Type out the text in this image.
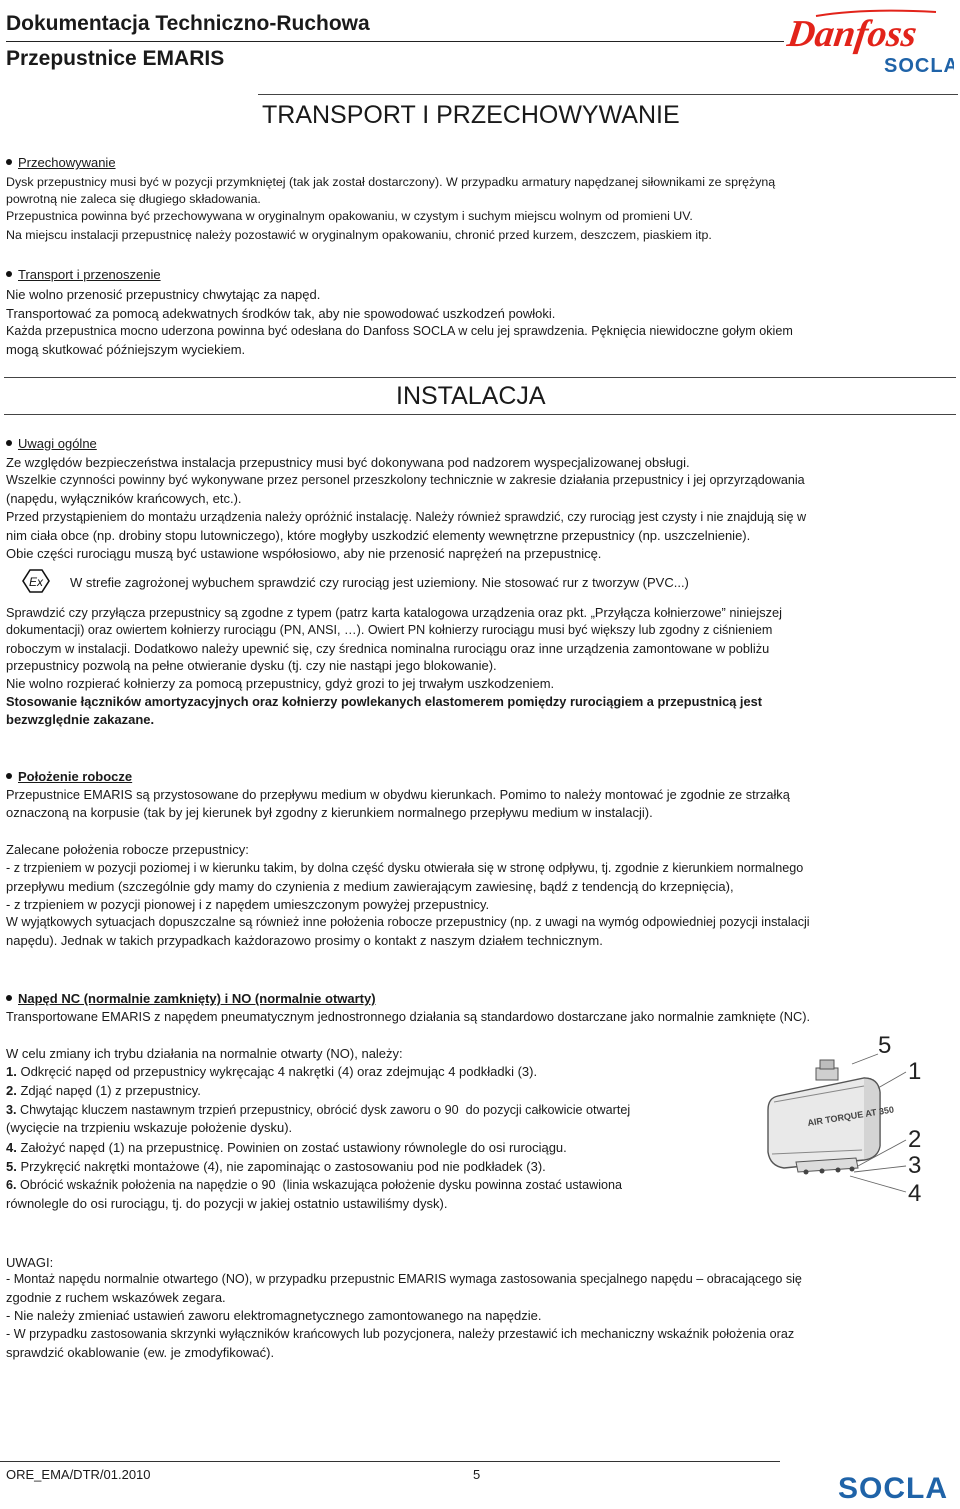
Dokumentacja Techniczno-Ruchowa
Przepustnice EMARIS
Danfoss
SOCLA
TRANSPORT I PRZECHOWYWANIE
Przechowywanie
Dysk przepustnicy musi być w pozycji przymkniętej (tak jak został dostarczony). W przypadku armatury napędzanej siłownikami ze sprężyną
powrotną nie zaleca się długiego składowania.
Przepustnica powinna być przechowywana w oryginalnym opakowaniu, w czystym i suchym miejscu wolnym od promieni UV.
Na miejscu instalacji przepustnicę należy pozostawić w oryginalnym opakowaniu, chronić przed kurzem, deszczem, piaskiem itp.
Transport i przenoszenie
Nie wolno przenosić przepustnicy chwytając za napęd.
Transportować za pomocą adekwatnych środków tak, aby nie spowodować uszkodzeń powłoki.
Każda przepustnica mocno uderzona powinna być odesłana do Danfoss SOCLA w celu jej sprawdzenia. Pęknięcia niewidoczne gołym okiem
mogą skutkować późniejszym wyciekiem.
INSTALACJA
Uwagi ogólne
Ze względów bezpieczeństwa instalacja przepustnicy musi być dokonywana pod nadzorem wyspecjalizowanej obsługi.
Wszelkie czynności powinny być wykonywane przez personel przeszkolony technicznie w zakresie działania przepustnicy i jej oprzyrządowania
(napędu, wyłączników krańcowych, etc.).
Przed przystąpieniem do montażu urządzenia należy opróżnić instalację. Należy również sprawdzić, czy rurociąg jest czysty i nie znajdują się w
nim ciała obce (np. drobiny stopu lutowniczego), które mogłyby uszkodzić elementy wewnętrzne przepustnicy (np. uszczelnienie).
Obie części rurociągu muszą być ustawione współosiowo, aby nie przenosić naprężeń na przepustnicę.
Ex W strefie zagrożonej wybuchem sprawdzić czy rurociąg jest uziemiony. Nie stosować rur z tworzyw (PVC...)
Sprawdzić czy przyłącza przepustnicy są zgodne z typem (patrz karta katalogowa urządzenia oraz pkt. „Przyłącza kołnierzowe” niniejszej
dokumentacji) oraz owiertem kołnierzy rurociągu (PN, ANSI, …). Owiert PN kołnierzy rurociągu musi być większy lub zgodny z ciśnieniem
roboczym w instalacji. Dodatkowo należy upewnić się, czy średnica nominalna rurociągu oraz inne urządzenia zamontowane w pobliżu
przepustnicy pozwolą na pełne otwieranie dysku (tj. czy nie nastąpi jego blokowanie).
Nie wolno rozpierać kołnierzy za pomocą przepustnicy, gdyż grozi to jej trwałym uszkodzeniem.
Stosowanie łączników amortyzacyjnych oraz kołnierzy powlekanych elastomerem pomiędzy rurociągiem a przepustnicą jest
bezwzględnie zakazane.
Położenie robocze
Przepustnice EMARIS są przystosowane do przepływu medium w obydwu kierunkach. Pomimo to należy montować je zgodnie ze strzałką
oznaczoną na korpusie (tak by jej kierunek był zgodny z kierunkiem normalnego przepływu medium w instalacji).
Zalecane położenia robocze przepustnicy:
- z trzpieniem w pozycji poziomej i w kierunku takim, by dolna część dysku otwierała się w stronę odpływu, tj. zgodnie z kierunkiem normalnego
przepływu medium (szczególnie gdy mamy do czynienia z medium zawierającym zawiesinę, bądź z tendencją do krzepnięcia),
- z trzpieniem w pozycji pionowej i z napędem umieszczonym powyżej przepustnicy.
W wyjątkowych sytuacjach dopuszczalne są również inne położenia robocze przepustnicy (np. z uwagi na wymóg odpowiedniej pozycji instalacji
napędu). Jednak w takich przypadkach każdorazowo prosimy o kontakt z naszym działem technicznym.
Napęd NC (normalnie zamknięty) i NO (normalnie otwarty)
Transportowane EMARIS z napędem pneumatycznym jednostronnego działania są standardowo dostarczane jako normalnie zamknięte (NC).
W celu zmiany ich trybu działania na normalnie otwarty (NO), należy:
1. Odkręcić napęd od przepustnicy wykręcając 4 nakrętki (4) oraz zdejmując 4 podkładki (3).
2. Zdjąć napęd (1) z przepustnicy.
3. Chwytając kluczem nastawnym trzpień przepustnicy, obrócić dysk zaworu o 90  do pozycji całkowicie otwartej
(wycięcie na trzpieniu wskazuje położenie dysku).
4. Założyć napęd (1) na przepustnicę. Powinien on zostać ustawiony równolegle do osi rurociągu.
5. Przykręcić nakrętki montażowe (4), nie zapominając o zastosowaniu pod nie podkładek (3).
6. Obrócić wskaźnik położenia na napędzie o 90  (linia wskazująca położenie dysku powinna zostać ustawiona
równolegle do osi rurociągu, tj. do pozycji w jakiej ostatnio ustawiliśmy dysk).
AIR TORQUE AT 350
5
1
2
3
4
UWAGI:
- Montaż napędu normalnie otwartego (NO), w przypadku przepustnic EMARIS wymaga zastosowania specjalnego napędu – obracającego się
zgodnie z ruchem wskazówek zegara.
- Nie należy zmieniać ustawień zaworu elektromagnetycznego zamontowanego na napędzie.
- W przypadku zastosowania skrzynki wyłączników krańcowych lub pozycjonera, należy przestawić ich mechaniczny wskaźnik położenia oraz
sprawdzić okablowanie (ew. je zmodyfikować).
ORE_EMA/DTR/01.2010	5	SOCLA
